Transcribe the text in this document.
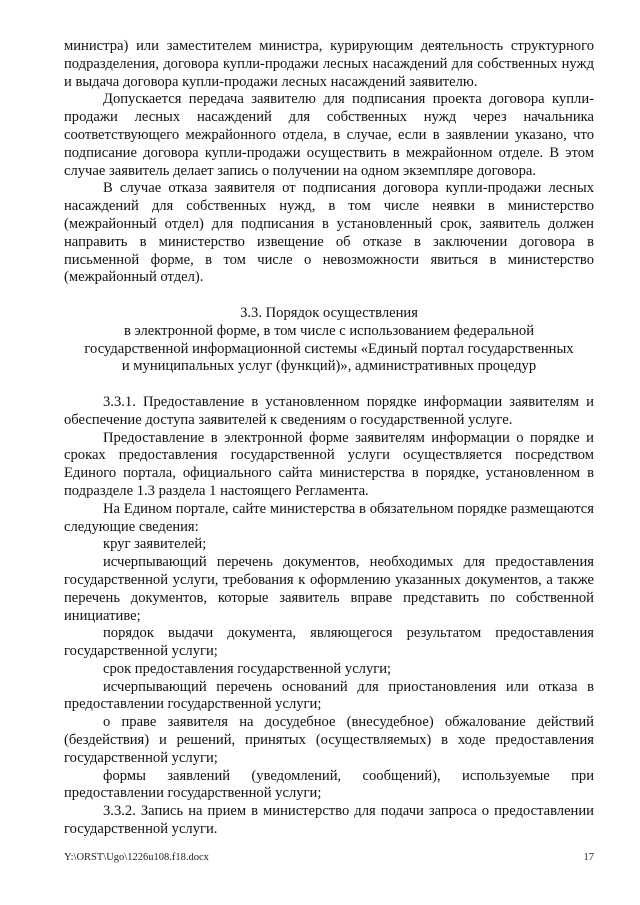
министра) или заместителем министра, курирующим деятельность структурного подразделения, договора купли-продажи лесных насаждений для собственных нужд и выдача договора купли-продажи лесных насаждений заявителю.

Допускается передача заявителю для подписания проекта договора купли-продажи лесных насаждений для собственных нужд через начальника соответствующего межрайонного отдела, в случае, если в заявлении указано, что подписание договора купли-продажи осуществить в межрайонном отделе. В этом случае заявитель делает запись о получении на одном экземпляре договора.

В случае отказа заявителя от подписания договора купли-продажи лесных насаждений для собственных нужд, в том числе неявки в министерство (межрайонный отдел) для подписания в установленный срок, заявитель должен направить в министерство извещение об отказе в заключении договора в письменной форме, в том числе о невозможности явиться в министерство (межрайонный отдел).

3.3. Порядок осуществления

в электронной форме, в том числе с использованием федеральной

государственной информационной системы «Единый портал государственных

и муниципальных услуг (функций)», административных процедур

3.3.1. Предоставление в установленном порядке информации заявителям и обеспечение доступа заявителей к сведениям о государственной услуге.

Предоставление в электронной форме заявителям информации о порядке и сроках предоставления государственной услуги осуществляется посредством Единого портала, официального сайта министерства в порядке, установленном в подразделе 1.3 раздела 1 настоящего Регламента.

На Едином портале, сайте министерства в обязательном порядке размещаются следующие сведения:

круг заявителей;

исчерпывающий перечень документов, необходимых для предоставления государственной услуги, требования к оформлению указанных документов, а также перечень документов, которые заявитель вправе представить по собственной инициативе;

порядок выдачи документа, являющегося результатом предоставления государственной услуги;

срок предоставления государственной услуги;

исчерпывающий перечень оснований для приостановления или отказа в предоставлении государственной услуги;

о праве заявителя на досудебное (внесудебное) обжалование действий (бездействия) и решений, принятых (осуществляемых) в ходе предоставления государственной услуги;

формы заявлений (уведомлений, сообщений), используемые при предоставлении государственной услуги;

3.3.2. Запись на прием в министерство для подачи запроса о предоставлении государственной услуги.

Y:\ORST\Ugo\1226u108.f18.docx	17
